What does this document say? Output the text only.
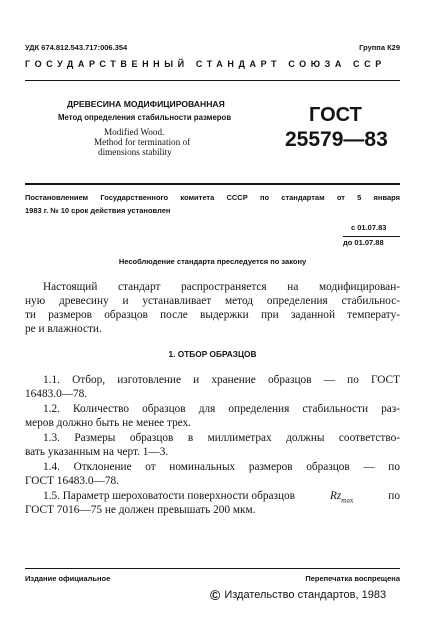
УДК 674.812.543.717:006.354	Группа К29
ГОСУДАРСТВЕННЫЙ СТАНДАРТ СОЮЗА ССР
ДРЕВЕСИНА МОДИФИЦИРОВАННАЯ
Метод определения стабильности размеров
Modified Wood.
Method for termination of
dimensions stability
ГОСТ
25579—83
Постановлением Государственного комитета СССР по стандартам от 5 января
1983 г. № 10 срок действия установлен
с 01.07.83
до 01.07.88
Несоблюдение стандарта преследуется по закону
Настоящий стандарт распространяется на модифицирован-
ную древесину и устанавливает метод определения стабильнос-
ти размеров образцов после выдержки при заданной температу-
ре и влажности.
1. ОТБОР ОБРАЗЦОВ
1.1. Отбор, изготовление и хранение образцов — по ГОСТ
16483.0—78.
1.2. Количество образцов для определения стабильности раз-
меров должно быть не менее трех.
1.3. Размеры образцов в миллиметрах должны соответство-
вать указанным на черт. 1—3.
1.4. Отклонение от номинальных размеров образцов — по
ГОСТ 16483.0—78.
1.5. Параметр шероховатости поверхности образцов	$Rz_{max}$	по
ГОСТ 7016—75 не должен превышать 200 мкм.
Издание официальное	Перепечатка воспрещена
© Издательство стандартов, 1983
